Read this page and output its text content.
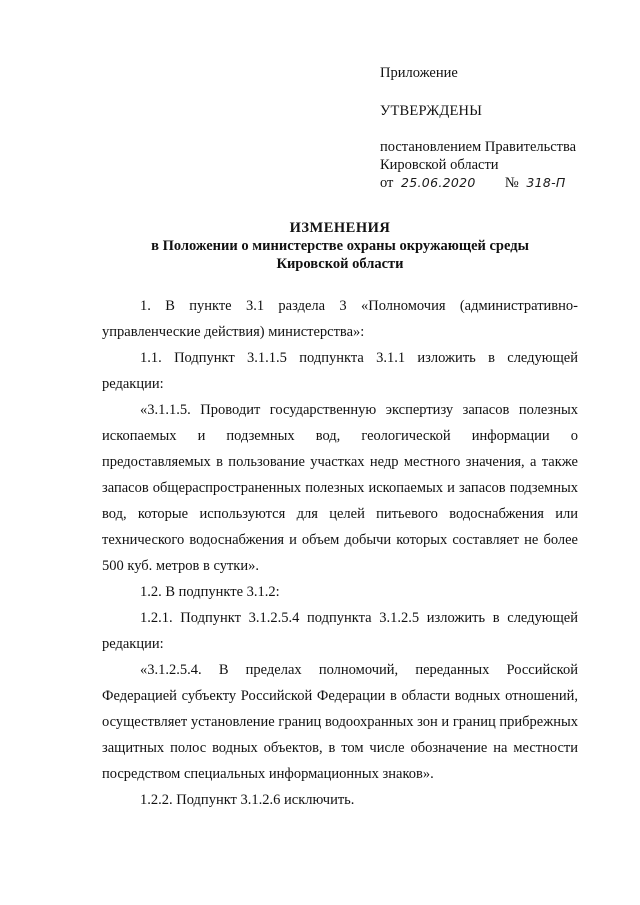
Приложение
УТВЕРЖДЕНЫ
постановлением Правительства
Кировской области
от 25.06.2020 № 318-П
ИЗМЕНЕНИЯ
в Положении о министерстве охраны окружающей среды
Кировской области

1. В пункте 3.1 раздела 3 «Полномочия (административно-управленческие действия) министерства»:

1.1. Подпункт 3.1.1.5 подпункта 3.1.1 изложить в следующей редакции:

«3.1.1.5. Проводит государственную экспертизу запасов полезных ископаемых и подземных вод, геологической информации о предоставляемых в пользование участках недр местного значения, а также запасов общераспространенных полезных ископаемых и запасов подземных вод, которые используются для целей питьевого водоснабжения или технического водоснабжения и объем добычи которых составляет не более 500 куб. метров в сутки».

1.2. В подпункте 3.1.2:

1.2.1. Подпункт 3.1.2.5.4 подпункта 3.1.2.5 изложить в следующей редакции:

«3.1.2.5.4. В пределах полномочий, переданных Российской Федерацией субъекту Российской Федерации в области водных отношений, осуществляет установление границ водоохранных зон и границ прибрежных защитных полос водных объектов, в том числе обозначение на местности посредством специальных информационных знаков».

1.2.2. Подпункт 3.1.2.6 исключить.
